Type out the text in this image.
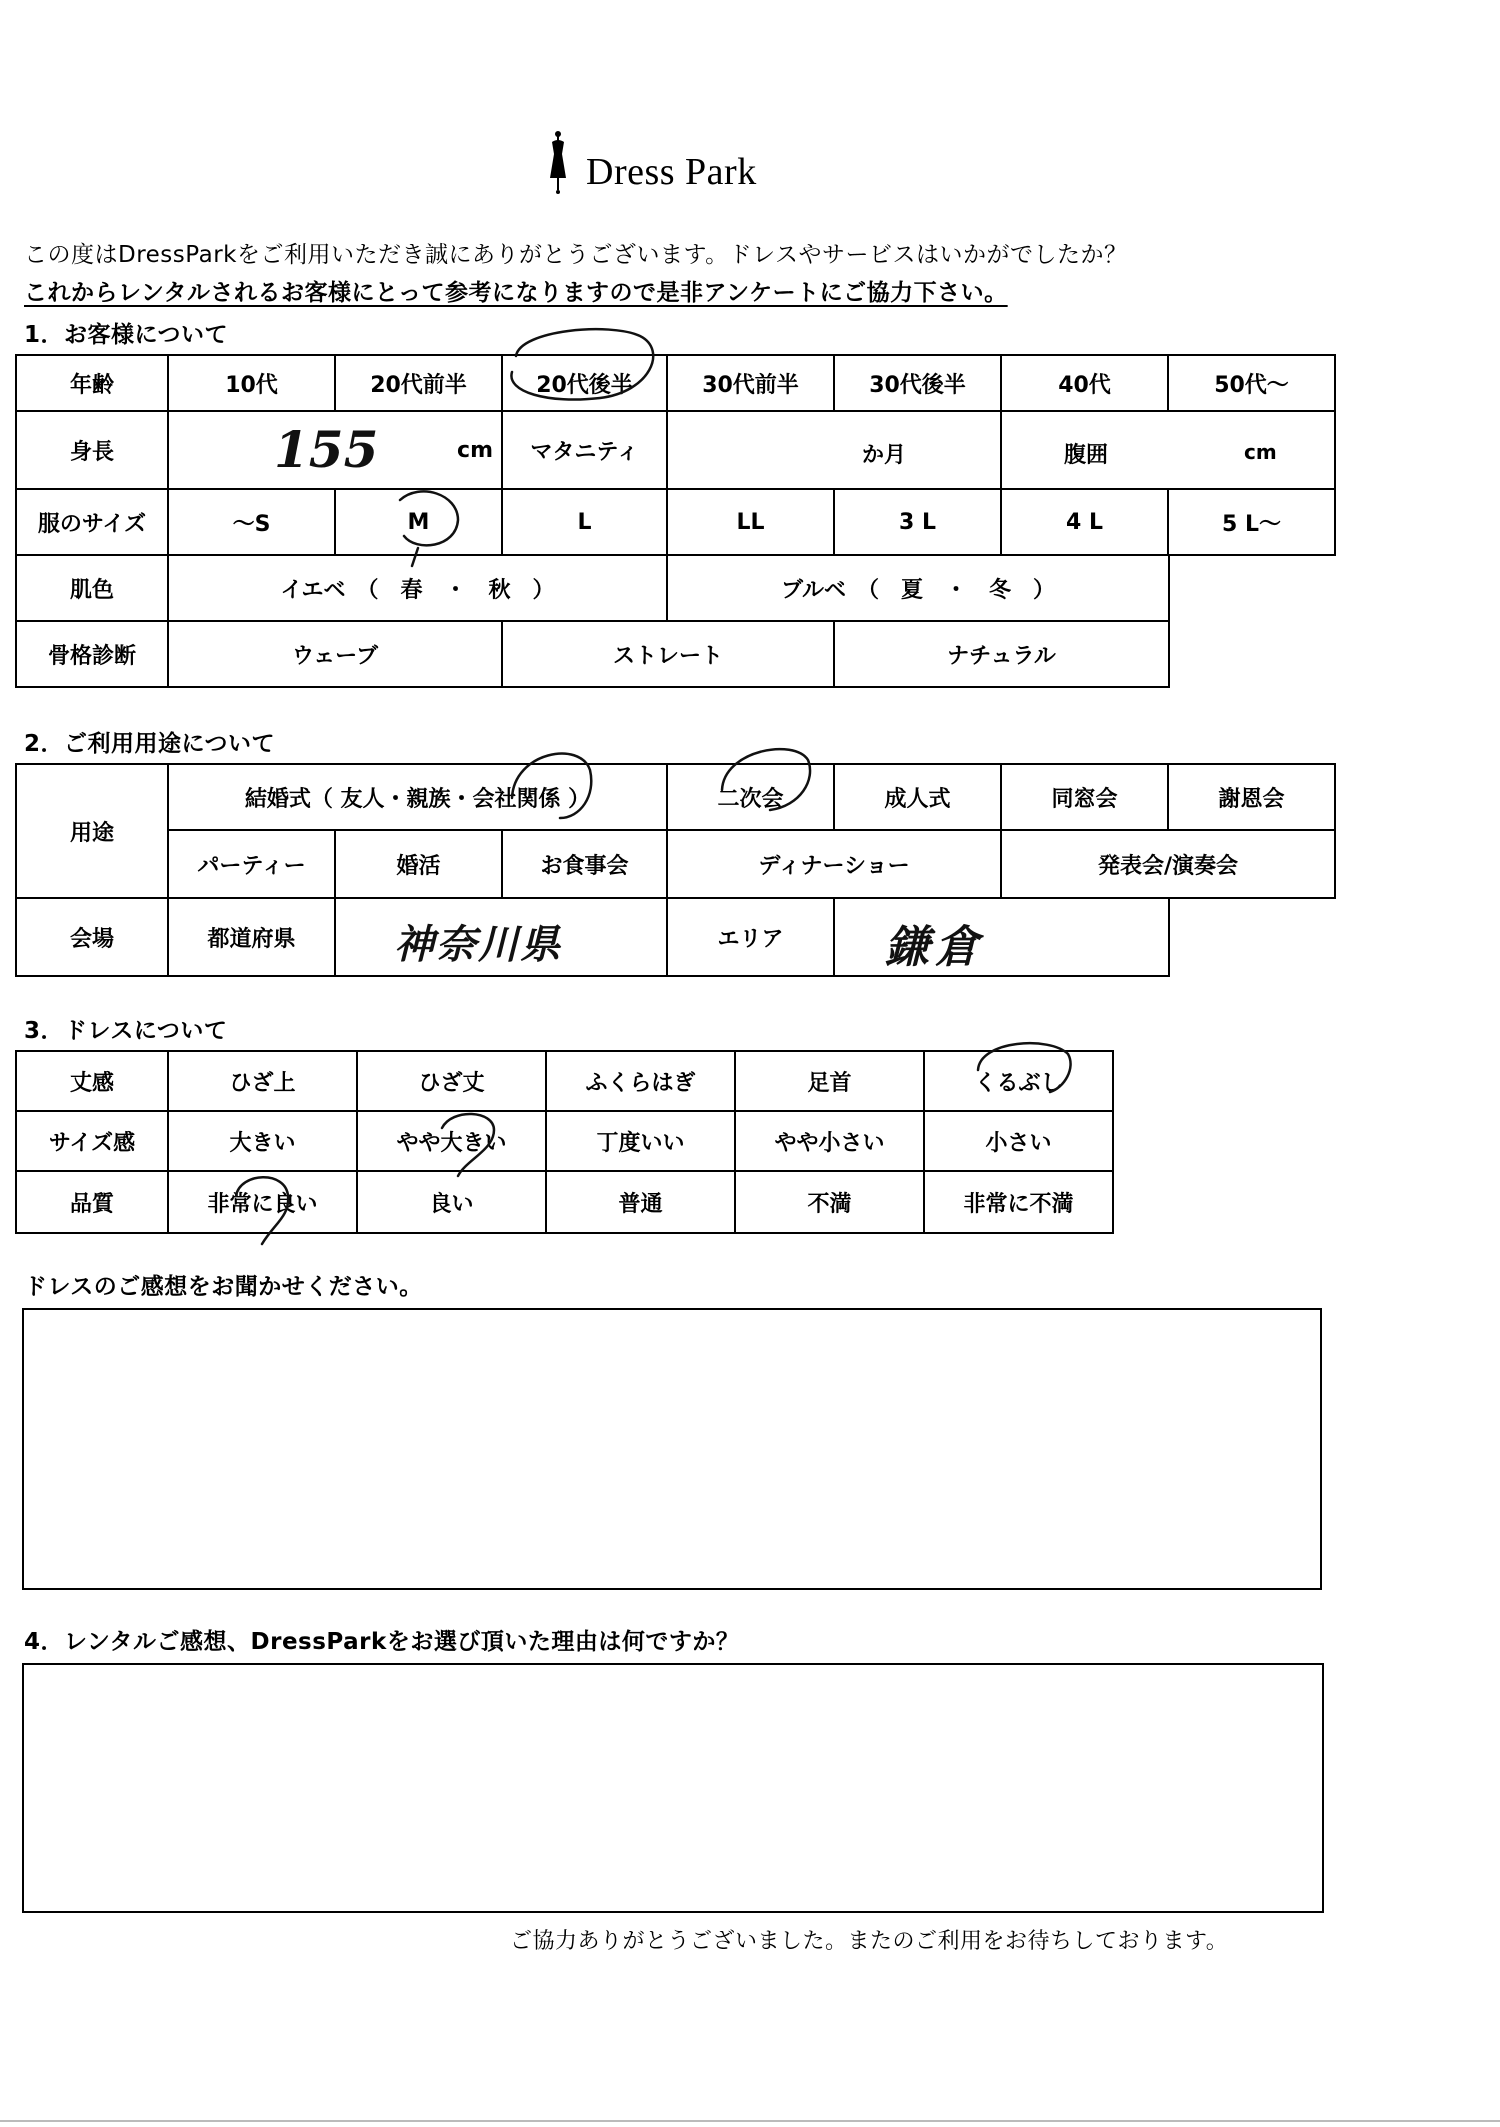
Dress Park
この度はDressParkをご利用いただき誠にありがとうございます。ドレスやサービスはいかがでしたか？
これからレンタルされるお客様にとって参考になりますので是非アンケートにご協力下さい。
1．お客様について
年齢	10代	20代前半	20代後半	30代前半	30代後半	40代	50代〜
身長	155	cm	マタニティ	か月	腹囲	cm
服のサイズ	〜S	M	L	LL	3 L	4 L	5 L〜
肌色	イエベ　（　春　・　秋　）	ブルベ　（　夏　・　冬　）
骨格診断	ウェーブ	ストレート	ナチュラル
2．ご利用用途について
用途
結婚式（ 友人・親族・会社関係 ）	二次会	成人式	同窓会	謝恩会
パーティー	婚活	お食事会	ディナーショー	発表会/演奏会
会場	都道府県	神奈川県	エリア	鎌倉
3．ドレスについて
丈感	ひざ上	ひざ丈	ふくらはぎ	足首	くるぶし
サイズ感	大きい	やや大きい	丁度いい	やや小さい	小さい
品質	非常に良い	良い	普通	不満	非常に不満
ドレスのご感想をお聞かせください。
4．レンタルご感想、DressParkをお選び頂いた理由は何ですか？
ご協力ありがとうございました。またのご利用をお待ちしております。
